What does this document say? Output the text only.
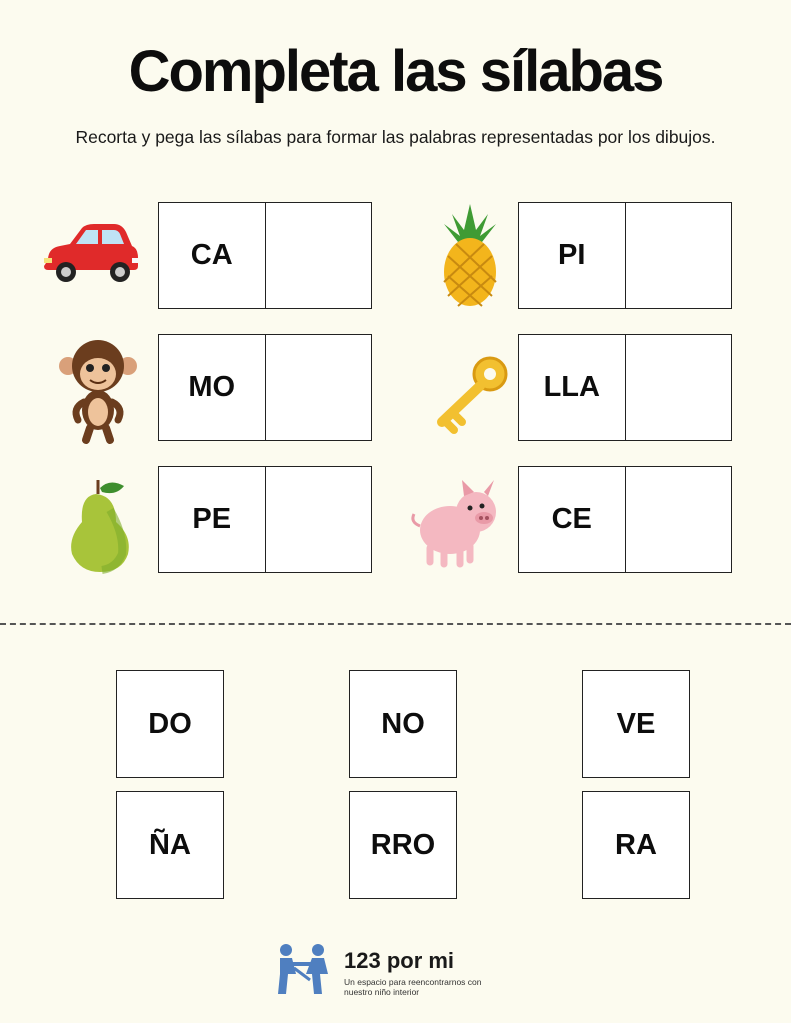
Completa las sílabas
Recorta y pega las sílabas para formar las palabras representadas por los dibujos.
CA	PI
MO	LLA
PE	CE
DO	NO	VE
ÑA	RRO	RA
123 por mi
Un espacio para reencontrarnos con nuestro niño interior
